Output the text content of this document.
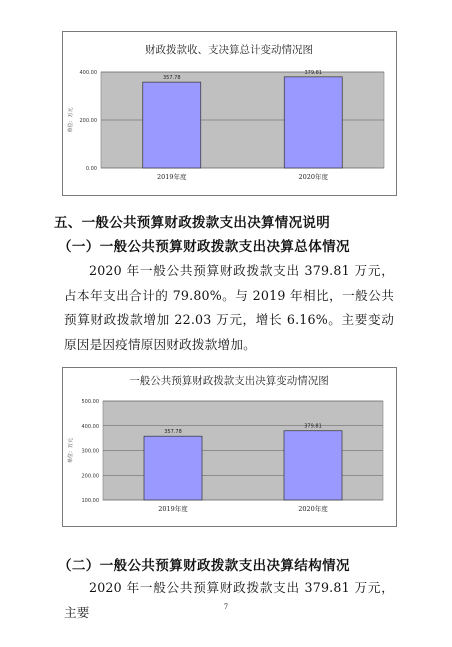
财政拨款收、支决算总计变动情况图
0.00
200.00
400.00
单位：万元
357.78
2019年度
379.81
2020年度
五、一般公共预算财政拨款支出决算情况说明
（一）一般公共预算财政拨款支出决算总体情况
2020 年一般公共预算财政拨款支出 379.81 万元，占本年支出合计的 79.80%。与 2019 年相比，一般公共预算财政拨款增加 22.03 万元，增长 6.16%。主要变动原因是因疫情原因财政拨款增加。
一般公共预算财政拨款支出决算变动情况图
100.00
200.00
300.00
400.00
500.00
单位：万元
357.78
2019年度
379.81
2020年度
（二）一般公共预算财政拨款支出决算结构情况
2020 年一般公共预算财政拨款支出 379.81 万元，主要	7
